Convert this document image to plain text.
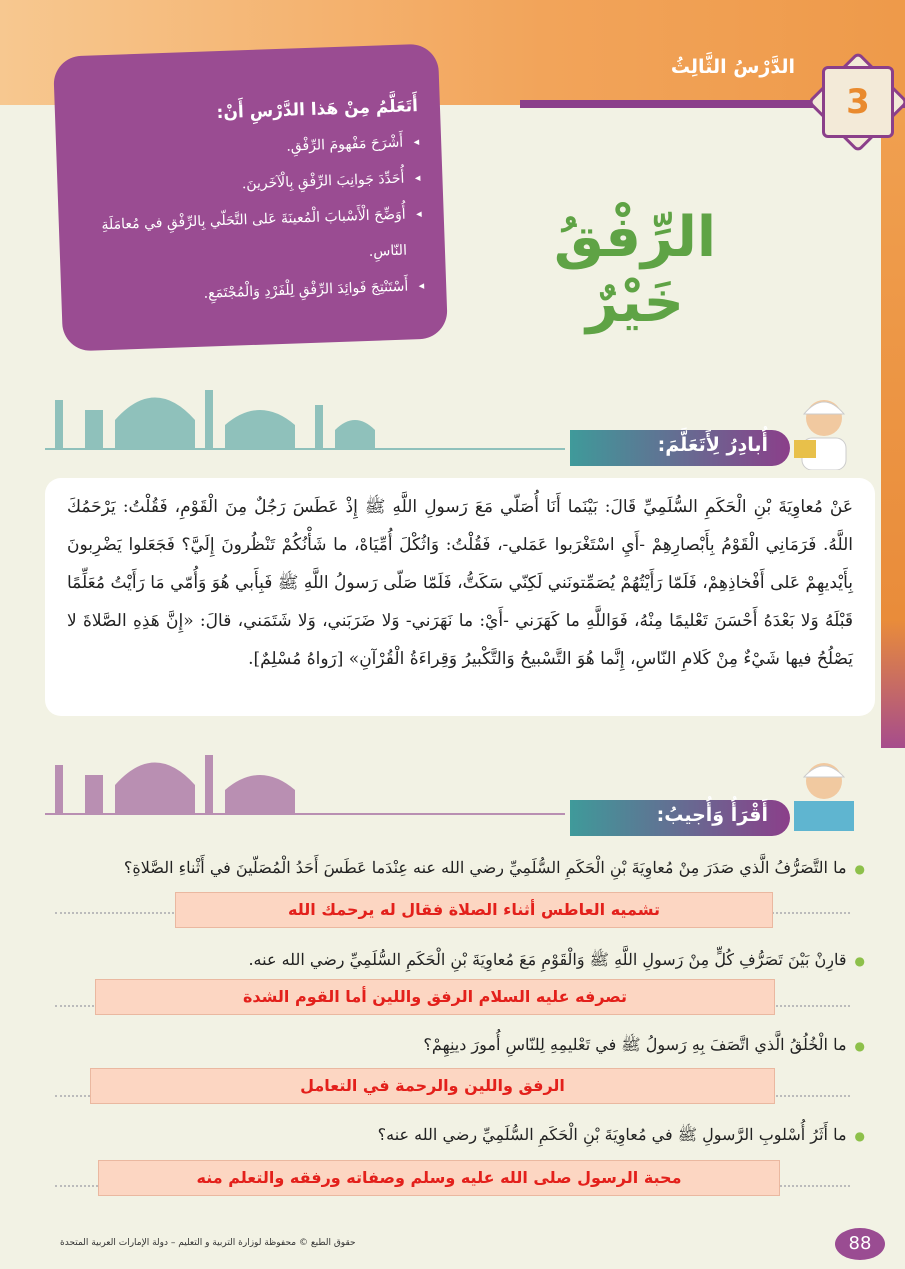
الدَّرْسُ الثَّالِثُ
3
أَتَعَلَّمُ مِنْ هَذا الدَّرْسِ أَنْ:
◂ أَشْرَحَ مَفْهومَ الرِّفْقِ.
◂ أُحَدِّدَ جَوانِبَ الرِّفْقِ بِالْآخَرينَ.
◂ أُوَضِّحَ الْأَسْبابَ الْمُعينَةَ عَلى التَّحَلّي بِالرِّفْقِ في مُعامَلَةِ النّاسِ.
◂ أَسْتَنْتِجَ فَوائِدَ الرِّفْقِ لِلْفَرْدِ وَالْمُجْتَمَعِ.
الرِّفْقُ خَيْرٌ
أُبادِرُ لِأَتَعَلَّمَ:
عَنْ مُعاوِيَةَ بْنِ الْحَكَمِ السُّلَمِيِّ قَالَ: بَيْنَما أَنَا أُصَلّي مَعَ رَسولِ اللَّهِ ﷺ إِذْ عَطَسَ رَجُلٌ مِنَ الْقَوْمِ، فَقُلْتُ: يَرْحَمُكَ اللَّهُ. فَرَمَانِي الْقَوْمُ بِأَبْصارِهِمْ -أَيِ اسْتَغْرَبوا عَمَلي-، فَقُلْتُ: وَاثُكْلَ أُمِّيَاهْ، ما شَأْنُكُمْ تَنْظُرونَ إِلَيَّ؟ فَجَعَلوا يَضْرِبونَ بِأَيْديهِمْ عَلى أَفْخاذِهِمْ، فَلَمّا رَأَيْتُهُمْ يُصَمِّتونَني لَكِنّي سَكَتُّ، فَلَمّا صَلّى رَسولُ اللَّهِ ﷺ فَبِأَبي هُوَ وَأُمّي مَا رَأَيْتُ مُعَلِّمًا قَبْلَهُ وَلا بَعْدَهُ أَحْسَنَ تَعْليمًا مِنْهُ، فَوَاللَّهِ ما كَهَرَني -أَيْ: ما نَهَرَني- وَلا ضَرَبَني، وَلا شَتَمَني، قالَ: «إِنَّ هَذِهِ الصَّلاةَ لا يَصْلُحُ فيها شَيْءٌ مِنْ كَلامِ النّاسِ، إِنَّما هُوَ التَّسْبيحُ وَالتَّكْبيرُ وَقِراءَةُ الْقُرْآنِ» [رَواهُ مُسْلِمٌ].
أَقْرَأُ وَأُجيبُ:
● ما التَّصَرُّفُ الَّذي صَدَرَ مِنْ مُعاوِيَةَ بْنِ الْحَكَمِ السُّلَمِيِّ رضي الله عنه عِنْدَما عَطَسَ أَحَدُ الْمُصَلّينَ في أَثْناءِ الصَّلاةِ؟
تشميه العاطس أثناء الصلاة فقال له يرحمك الله
● قارِنْ بَيْنَ تَصَرُّفِ كُلٍّ مِنْ رَسولِ اللَّهِ ﷺ وَالْقَوْمِ مَعَ مُعاوِيَةَ بْنِ الْحَكَمِ السُّلَمِيِّ رضي الله عنه.
تصرفه عليه السلام الرفق واللين أما القوم الشدة
● ما الْخُلُقُ الَّذي اتَّصَفَ بِهِ رَسولُ ﷺ في تَعْليمِهِ لِلنّاسِ أُمورَ دينِهِمْ؟
الرفق واللين والرحمة في التعامل
● ما أَثَرُ أُسْلوبِ الرَّسولِ ﷺ في مُعاوِيَةَ بْنِ الْحَكَمِ السُّلَمِيِّ رضي الله عنه؟
محبة الرسول صلى الله عليه وسلم وصفاته ورفقه والتعلم منه
حقوق الطبع © محفوظة لوزارة التربية و التعليم – دولة الإمارات العربية المتحدة	88
